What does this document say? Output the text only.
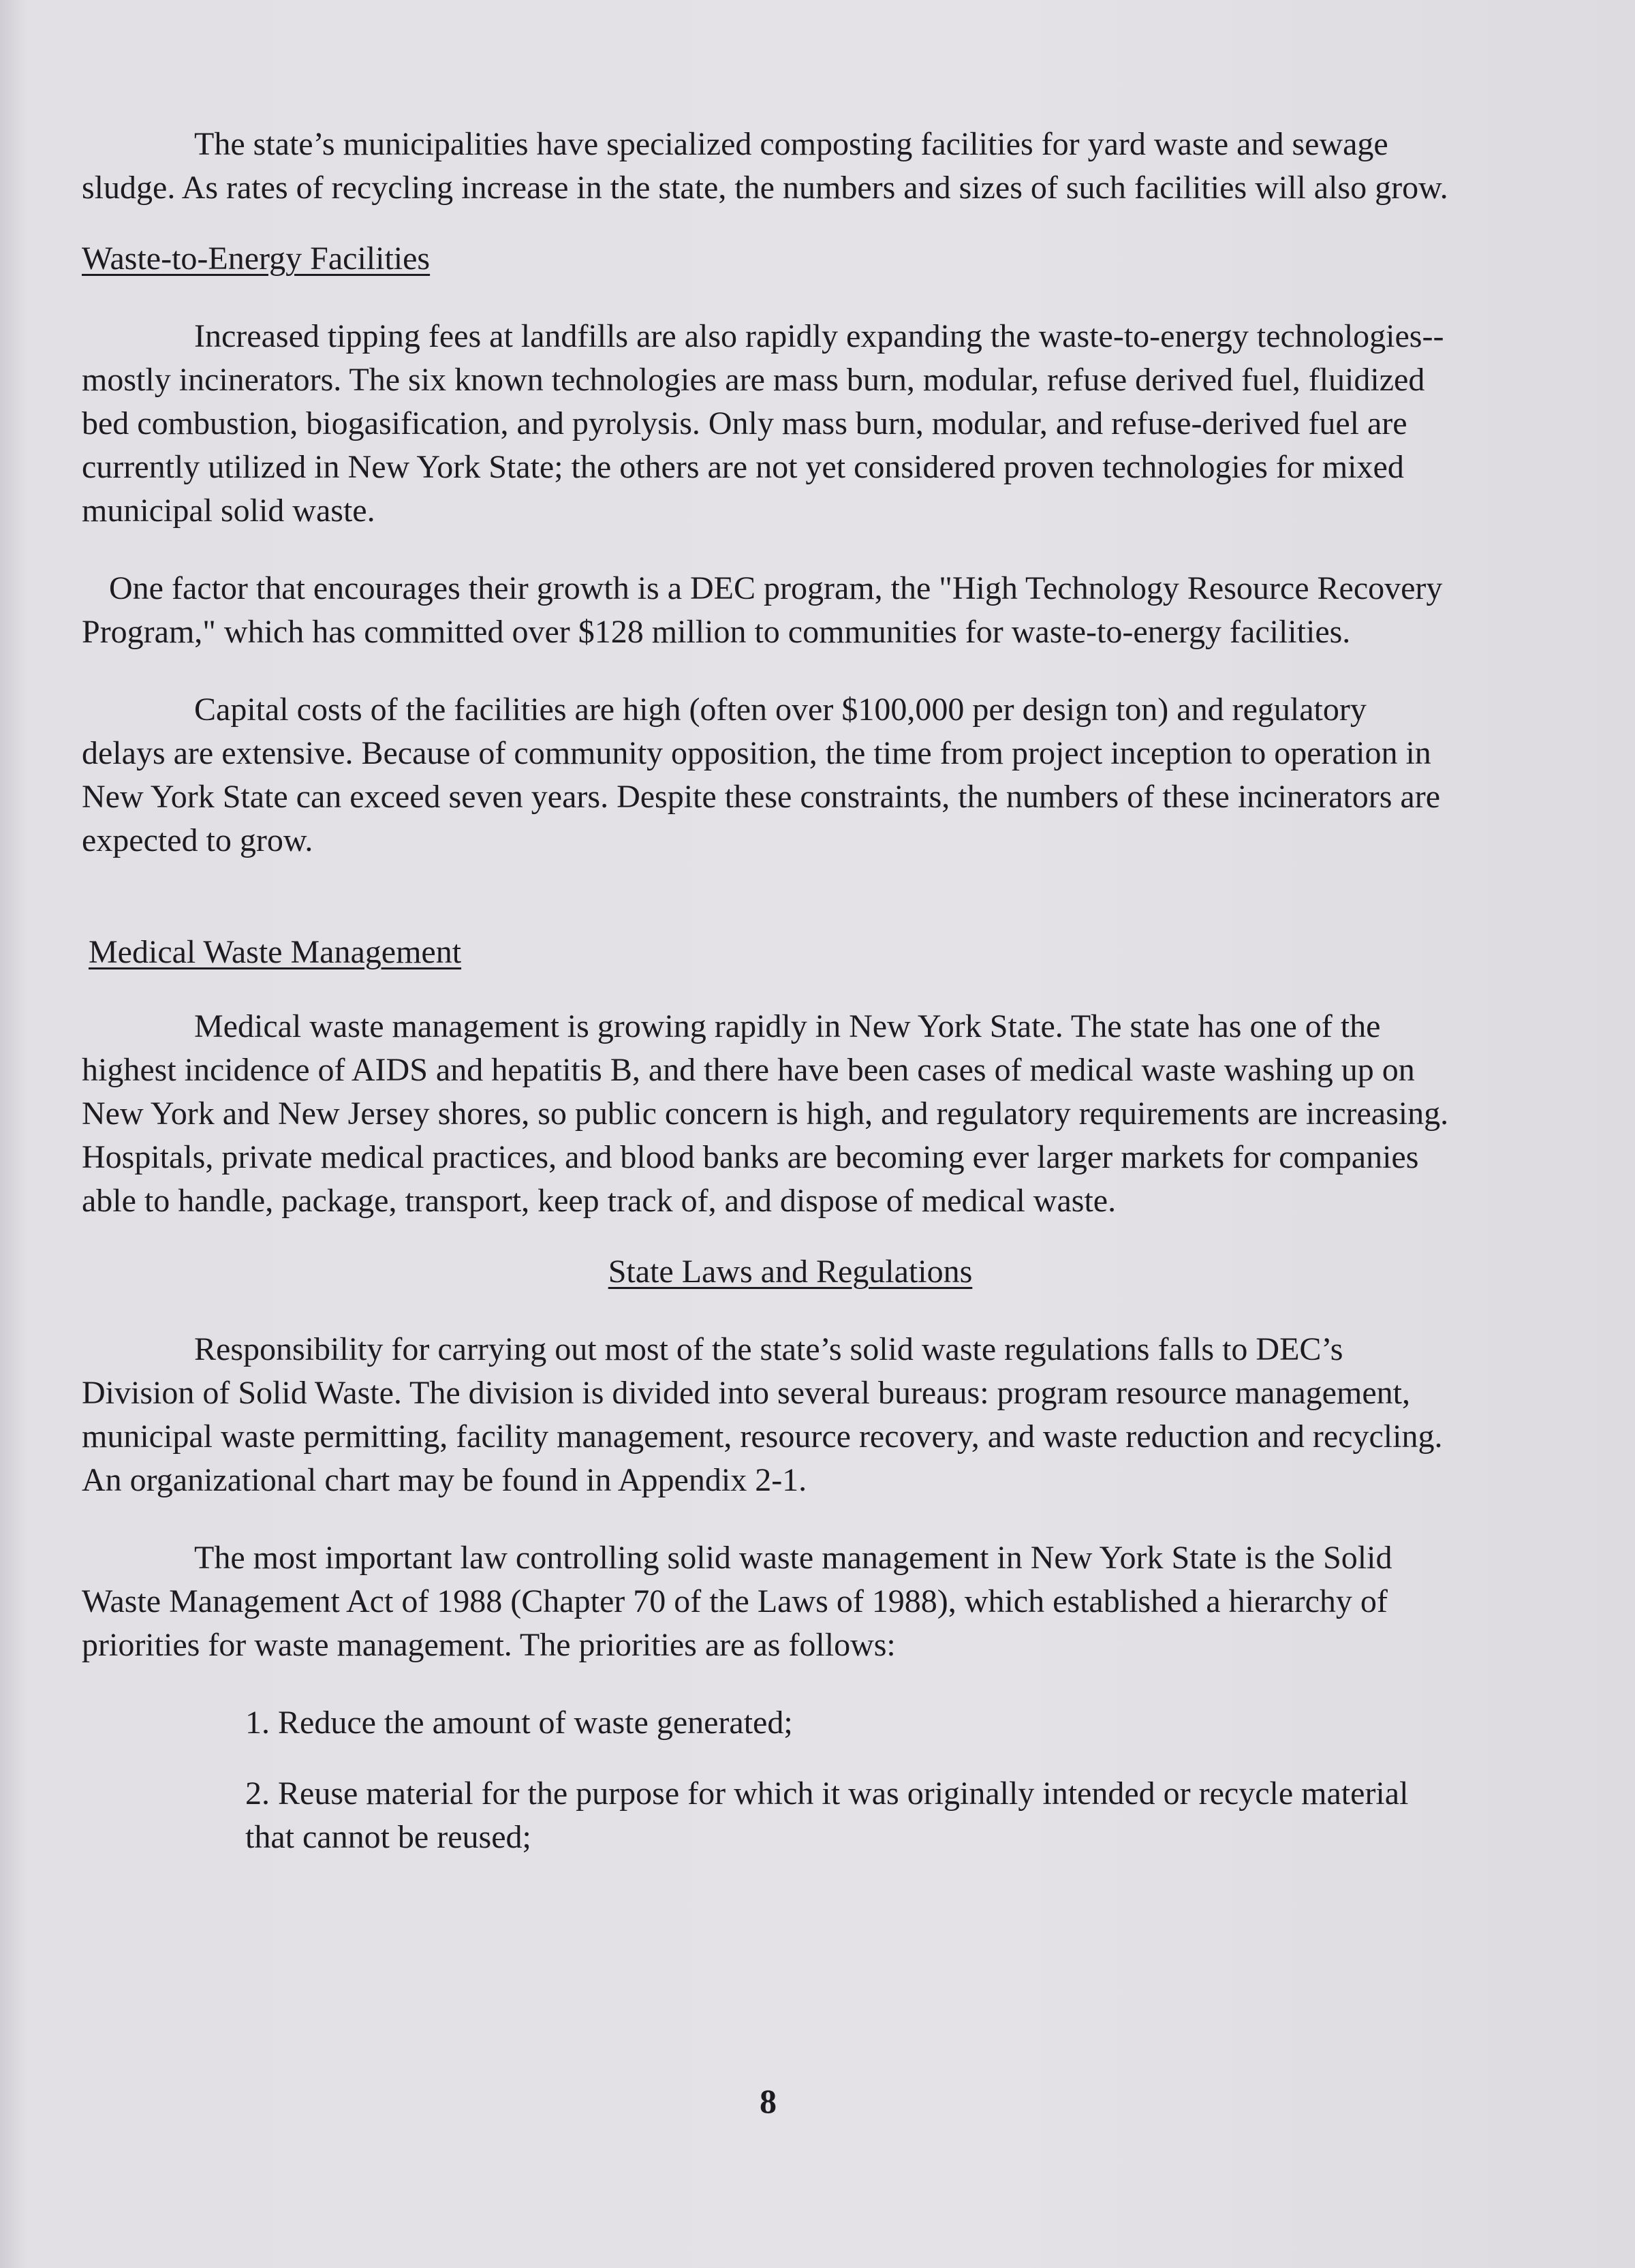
The state’s municipalities have specialized composting facilities for yard waste and sewage sludge. As rates of recycling increase in the state, the numbers and sizes of such facilities will also grow.

Waste-to-Energy Facilities

Increased tipping fees at landfills are also rapidly expanding the waste-to-energy technologies--mostly incinerators. The six known technologies are mass burn, modular, refuse derived fuel, fluidized bed combustion, biogasification, and pyrolysis. Only mass burn, modular, and refuse-derived fuel are currently utilized in New York State; the others are not yet considered proven technologies for mixed municipal solid waste.

One factor that encourages their growth is a DEC program, the "High Technology Resource Recovery Program," which has committed over $128 million to communities for waste-to-energy facilities.

Capital costs of the facilities are high (often over $100,000 per design ton) and regulatory delays are extensive. Because of community opposition, the time from project inception to operation in New York State can exceed seven years. Despite these constraints, the numbers of these incinerators are expected to grow.

Medical Waste Management

Medical waste management is growing rapidly in New York State. The state has one of the highest incidence of AIDS and hepatitis B, and there have been cases of medical waste washing up on New York and New Jersey shores, so public concern is high, and regulatory requirements are increasing. Hospitals, private medical practices, and blood banks are becoming ever larger markets for companies able to handle, package, transport, keep track of, and dispose of medical waste.

State Laws and Regulations

Responsibility for carrying out most of the state’s solid waste regulations falls to DEC’s Division of Solid Waste. The division is divided into several bureaus: program resource management, municipal waste permitting, facility management, resource recovery, and waste reduction and recycling. An organizational chart may be found in Appendix 2-1.

The most important law controlling solid waste management in New York State is the Solid Waste Management Act of 1988 (Chapter 70 of the Laws of 1988), which established a hierarchy of priorities for waste management. The priorities are as follows:

1. Reduce the amount of waste generated;

2. Reuse material for the purpose for which it was originally intended or recycle material that cannot be reused;

8
